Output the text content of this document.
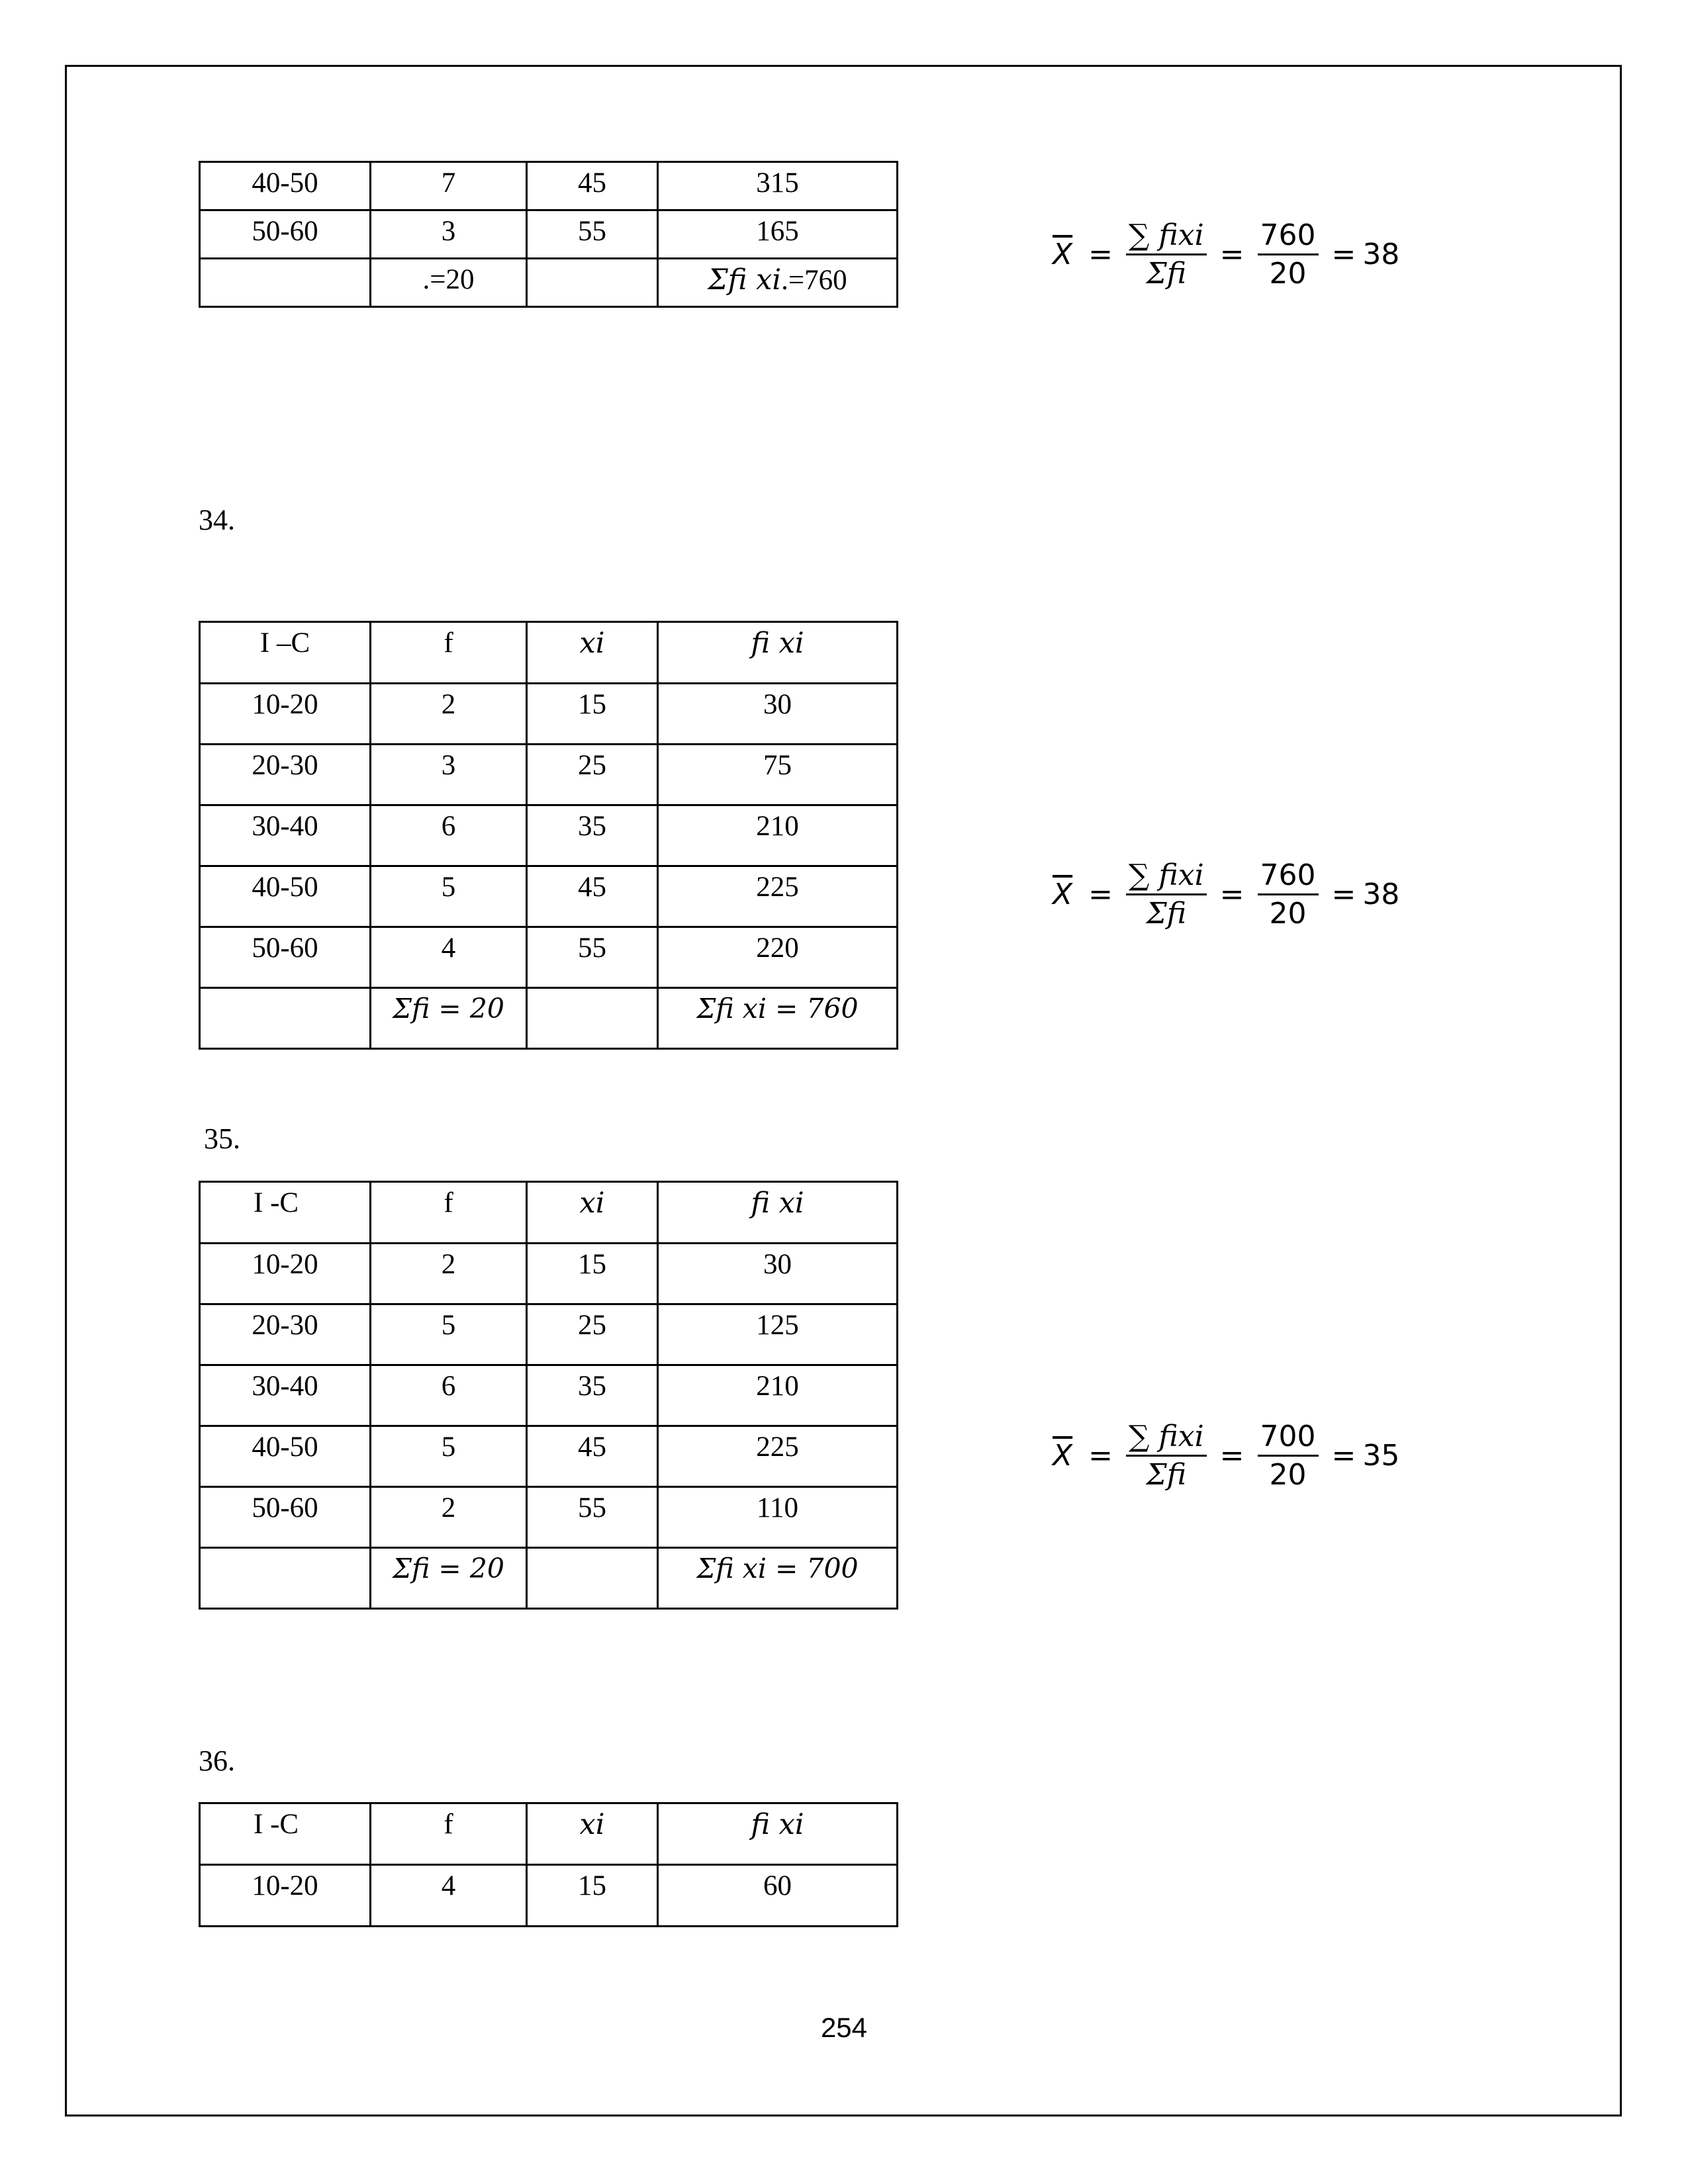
40-50	7	45	315
50-60	3	55	165
	.=20		Σfi xi.=760
$\overline{X} = \frac{\text{∑ fixi}}{\text{Σfi}} = \frac{760}{20} = 38$
34.
I –C	f	xi	fi xi
10-20	2	15	30
20-30	3	25	75
30-40	6	35	210
40-50	5	45	225
50-60	4	55	220
	Σfi = 20		Σfi xi = 760
$\overline{X} = \frac{\text{∑ fixi}}{\text{Σfi}} = \frac{760}{20} = 38$
35.
I -C	f	xi	fi xi
10-20	2	15	30
20-30	5	25	125
30-40	6	35	210
40-50	5	45	225
50-60	2	55	110
	Σfi = 20		Σfi xi = 700
$\overline{X} = \frac{\text{∑ fixi}}{\text{Σfi}} = \frac{700}{20} = 35$
36.
I -C	f	xi	fi xi
10-20	4	15	60
254
